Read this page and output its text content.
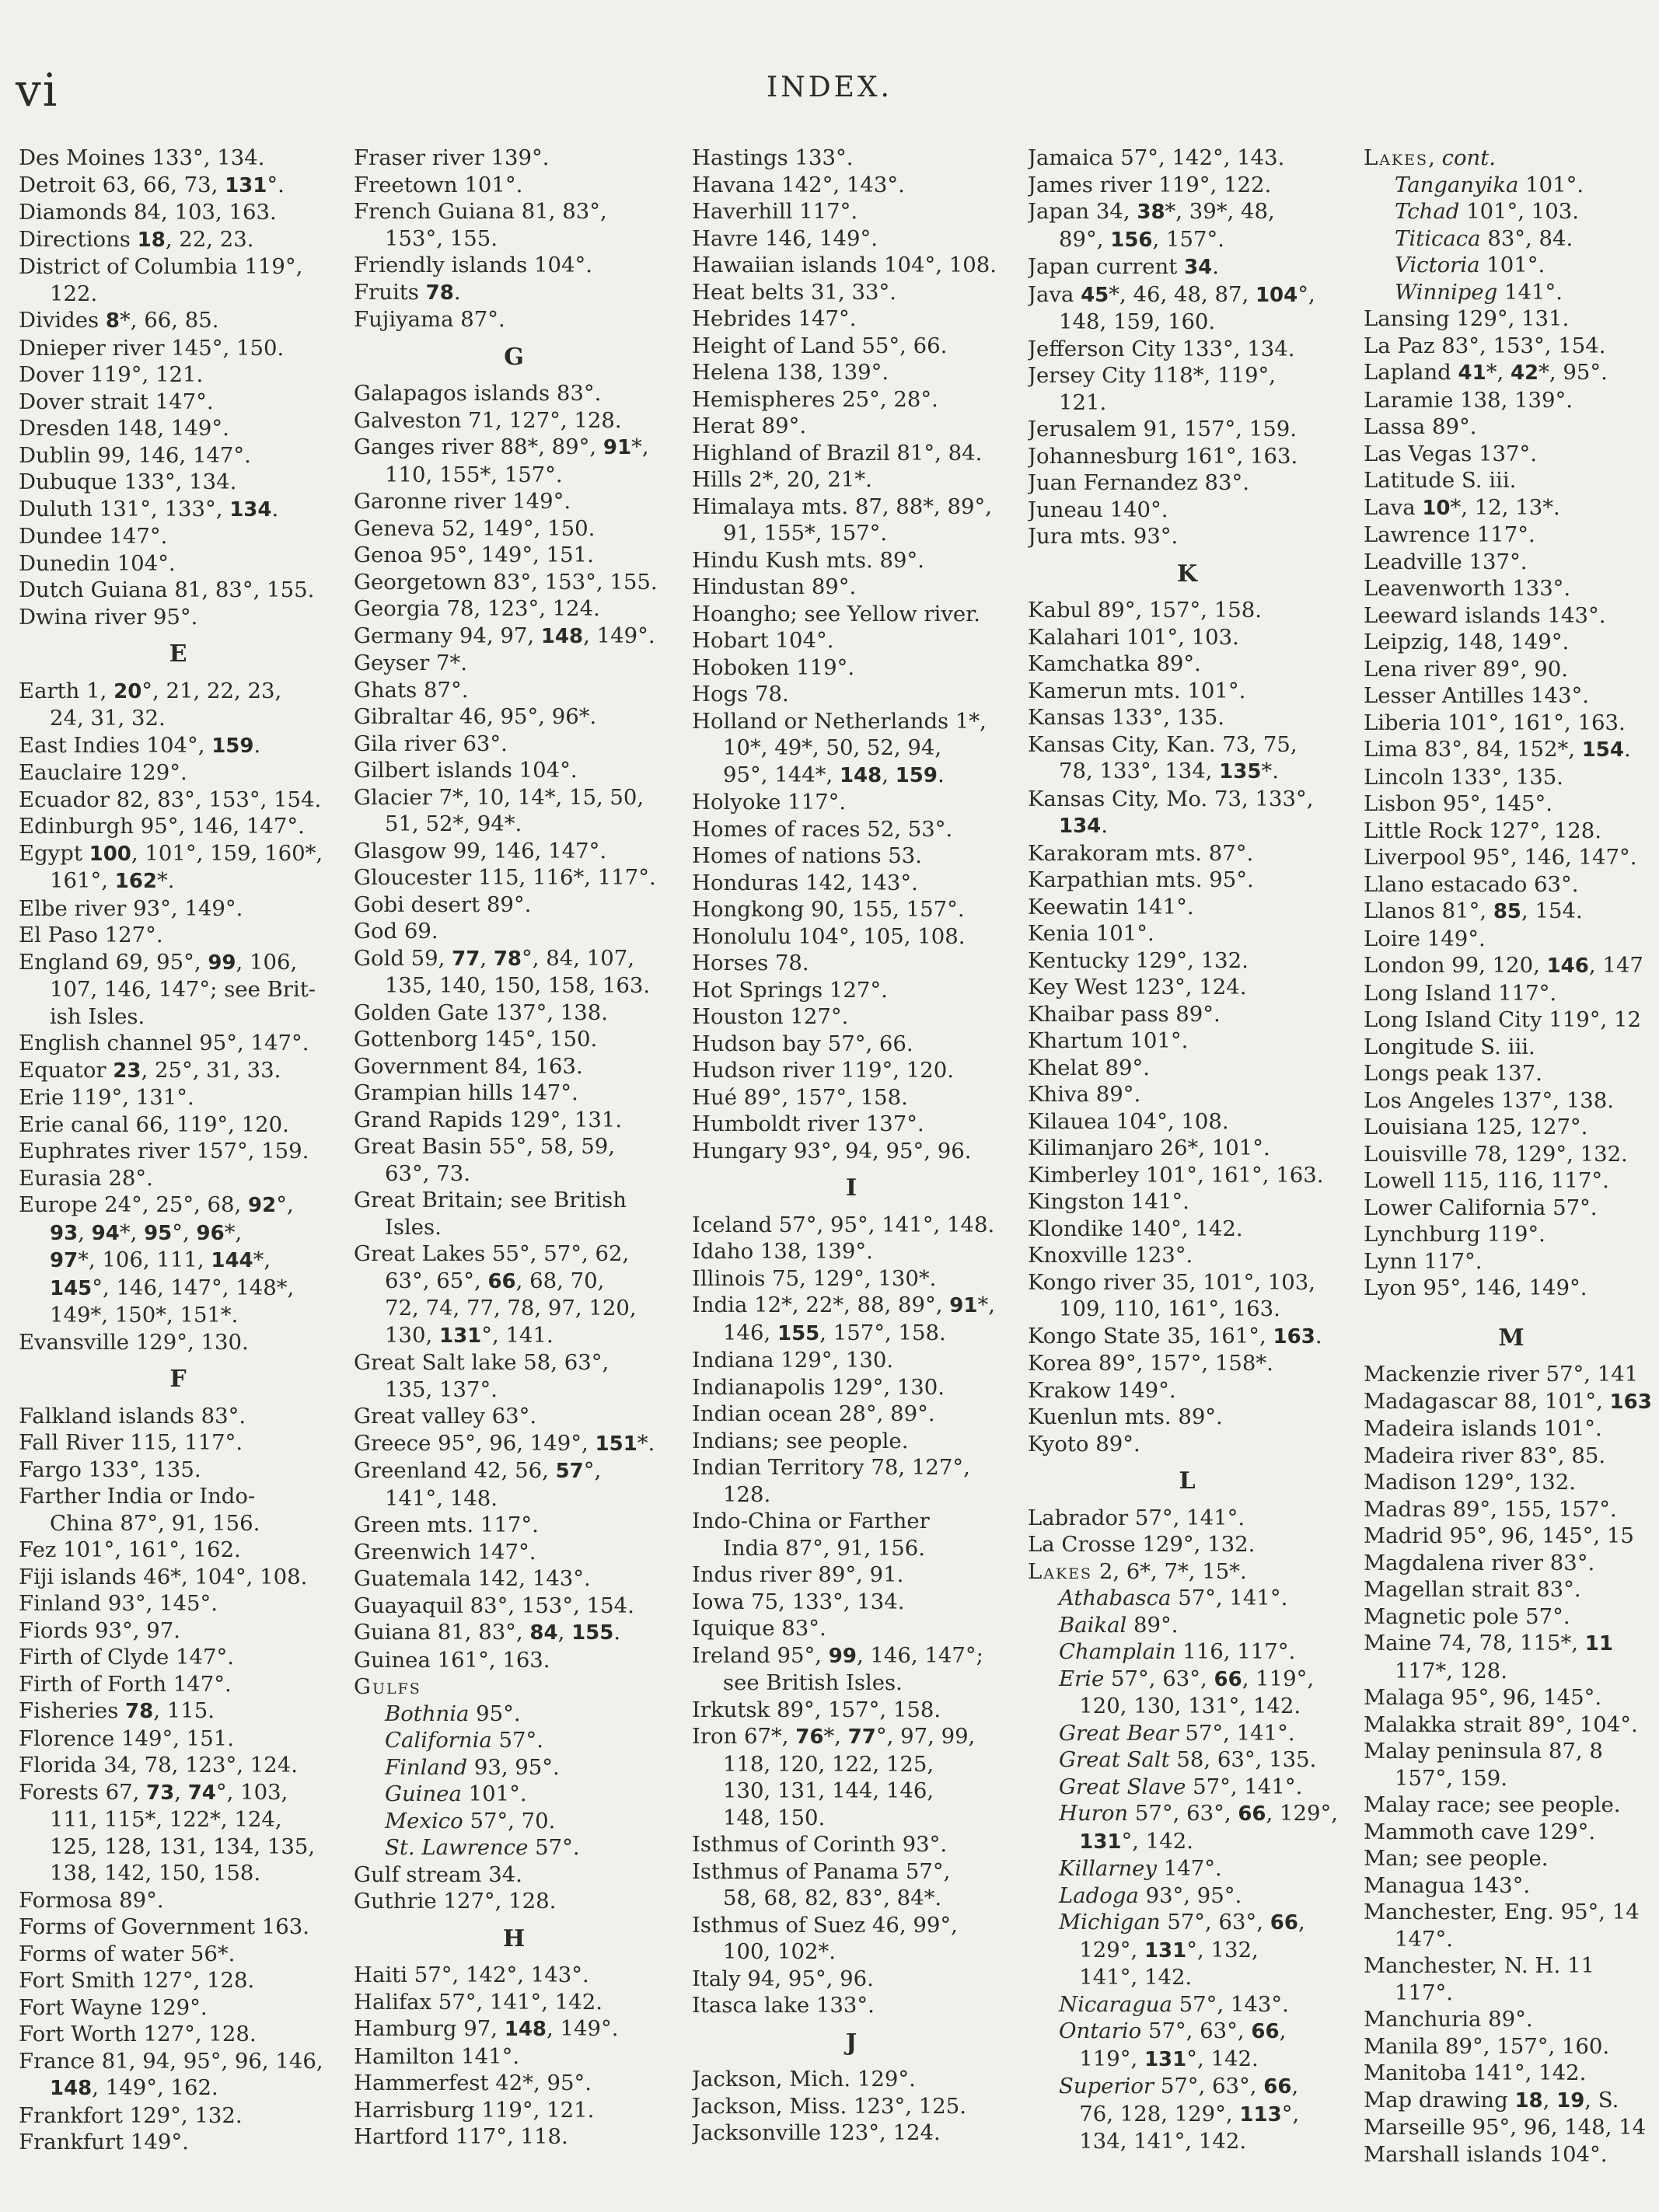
vi	INDEX.
Des Moines 133°, 134.
Detroit 63, 66, 73, 131°.
Diamonds 84, 103, 163.
Directions 18, 22, 23.
District of Columbia 119°,
122.
Divides 8*, 66, 85.
Dnieper river 145°, 150.
Dover 119°, 121.
Dover strait 147°.
Dresden 148, 149°.
Dublin 99, 146, 147°.
Dubuque 133°, 134.
Duluth 131°, 133°, 134.
Dundee 147°.
Dunedin 104°.
Dutch Guiana 81, 83°, 155.
Dwina river 95°.
E
Earth 1, 20°, 21, 22, 23,
24, 31, 32.
East Indies 104°, 159.
Eauclaire 129°.
Ecuador 82, 83°, 153°, 154.
Edinburgh 95°, 146, 147°.
Egypt 100, 101°, 159, 160*,
161°, 162*.
Elbe river 93°, 149°.
El Paso 127°.
England 69, 95°, 99, 106,
107, 146, 147°; see Brit-
ish Isles.
English channel 95°, 147°.
Equator 23, 25°, 31, 33.
Erie 119°, 131°.
Erie canal 66, 119°, 120.
Euphrates river 157°, 159.
Eurasia 28°.
Europe 24°, 25°, 68, 92°,
93, 94*, 95°, 96*,
97*, 106, 111, 144*,
145°, 146, 147°, 148*,
149*, 150*, 151*.
Evansville 129°, 130.
F
Falkland islands 83°.
Fall River 115, 117°.
Fargo 133°, 135.
Farther India or Indo-
China 87°, 91, 156.
Fez 101°, 161°, 162.
Fiji islands 46*, 104°, 108.
Finland 93°, 145°.
Fiords 93°, 97.
Firth of Clyde 147°.
Firth of Forth 147°.
Fisheries 78, 115.
Florence 149°, 151.
Florida 34, 78, 123°, 124.
Forests 67, 73, 74°, 103,
111, 115*, 122*, 124,
125, 128, 131, 134, 135,
138, 142, 150, 158.
Formosa 89°.
Forms of Government 163.
Forms of water 56*.
Fort Smith 127°, 128.
Fort Wayne 129°.
Fort Worth 127°, 128.
France 81, 94, 95°, 96, 146,
148, 149°, 162.
Frankfort 129°, 132.
Frankfurt 149°.
Fraser river 139°.
Freetown 101°.
French Guiana 81, 83°,
153°, 155.
Friendly islands 104°.
Fruits 78.
Fujiyama 87°.
G
Galapagos islands 83°.
Galveston 71, 127°, 128.
Ganges river 88*, 89°, 91*,
110, 155*, 157°.
Garonne river 149°.
Geneva 52, 149°, 150.
Genoa 95°, 149°, 151.
Georgetown 83°, 153°, 155.
Georgia 78, 123°, 124.
Germany 94, 97, 148, 149°.
Geyser 7*.
Ghats 87°.
Gibraltar 46, 95°, 96*.
Gila river 63°.
Gilbert islands 104°.
Glacier 7*, 10, 14*, 15, 50,
51, 52*, 94*.
Glasgow 99, 146, 147°.
Gloucester 115, 116*, 117°.
Gobi desert 89°.
God 69.
Gold 59, 77, 78°, 84, 107,
135, 140, 150, 158, 163.
Golden Gate 137°, 138.
Gottenborg 145°, 150.
Government 84, 163.
Grampian hills 147°.
Grand Rapids 129°, 131.
Great Basin 55°, 58, 59,
63°, 73.
Great Britain; see British
Isles.
Great Lakes 55°, 57°, 62,
63°, 65°, 66, 68, 70,
72, 74, 77, 78, 97, 120,
130, 131°, 141.
Great Salt lake 58, 63°,
135, 137°.
Great valley 63°.
Greece 95°, 96, 149°, 151*.
Greenland 42, 56, 57°,
141°, 148.
Green mts. 117°.
Greenwich 147°.
Guatemala 142, 143°.
Guayaquil 83°, 153°, 154.
Guiana 81, 83°, 84, 155.
Guinea 161°, 163.
Gulfs
Bothnia 95°.
California 57°.
Finland 93, 95°.
Guinea 101°.
Mexico 57°, 70.
St. Lawrence 57°.
Gulf stream 34.
Guthrie 127°, 128.
H
Haiti 57°, 142°, 143°.
Halifax 57°, 141°, 142.
Hamburg 97, 148, 149°.
Hamilton 141°.
Hammerfest 42*, 95°.
Harrisburg 119°, 121.
Hartford 117°, 118.
Hastings 133°.
Havana 142°, 143°.
Haverhill 117°.
Havre 146, 149°.
Hawaiian islands 104°, 108.
Heat belts 31, 33°.
Hebrides 147°.
Height of Land 55°, 66.
Helena 138, 139°.
Hemispheres 25°, 28°.
Herat 89°.
Highland of Brazil 81°, 84.
Hills 2*, 20, 21*.
Himalaya mts. 87, 88*, 89°,
91, 155*, 157°.
Hindu Kush mts. 89°.
Hindustan 89°.
Hoangho; see Yellow river.
Hobart 104°.
Hoboken 119°.
Hogs 78.
Holland or Netherlands 1*,
10*, 49*, 50, 52, 94,
95°, 144*, 148, 159.
Holyoke 117°.
Homes of races 52, 53°.
Homes of nations 53.
Honduras 142, 143°.
Hongkong 90, 155, 157°.
Honolulu 104°, 105, 108.
Horses 78.
Hot Springs 127°.
Houston 127°.
Hudson bay 57°, 66.
Hudson river 119°, 120.
Hué 89°, 157°, 158.
Humboldt river 137°.
Hungary 93°, 94, 95°, 96.
I
Iceland 57°, 95°, 141°, 148.
Idaho 138, 139°.
Illinois 75, 129°, 130*.
India 12*, 22*, 88, 89°, 91*,
146, 155, 157°, 158.
Indiana 129°, 130.
Indianapolis 129°, 130.
Indian ocean 28°, 89°.
Indians; see people.
Indian Territory 78, 127°,
128.
Indo-China or Farther
India 87°, 91, 156.
Indus river 89°, 91.
Iowa 75, 133°, 134.
Iquique 83°.
Ireland 95°, 99, 146, 147°;
see British Isles.
Irkutsk 89°, 157°, 158.
Iron 67*, 76*, 77°, 97, 99,
118, 120, 122, 125,
130, 131, 144, 146,
148, 150.
Isthmus of Corinth 93°.
Isthmus of Panama 57°,
58, 68, 82, 83°, 84*.
Isthmus of Suez 46, 99°,
100, 102*.
Italy 94, 95°, 96.
Itasca lake 133°.
J
Jackson, Mich. 129°.
Jackson, Miss. 123°, 125.
Jacksonville 123°, 124.
Jamaica 57°, 142°, 143.
James river 119°, 122.
Japan 34, 38*, 39*, 48,
89°, 156, 157°.
Japan current 34.
Java 45*, 46, 48, 87, 104°,
148, 159, 160.
Jefferson City 133°, 134.
Jersey City 118*, 119°,
121.
Jerusalem 91, 157°, 159.
Johannesburg 161°, 163.
Juan Fernandez 83°.
Juneau 140°.
Jura mts. 93°.
K
Kabul 89°, 157°, 158.
Kalahari 101°, 103.
Kamchatka 89°.
Kamerun mts. 101°.
Kansas 133°, 135.
Kansas City, Kan. 73, 75,
78, 133°, 134, 135*.
Kansas City, Mo. 73, 133°,
134.
Karakoram mts. 87°.
Karpathian mts. 95°.
Keewatin 141°.
Kenia 101°.
Kentucky 129°, 132.
Key West 123°, 124.
Khaibar pass 89°.
Khartum 101°.
Khelat 89°.
Khiva 89°.
Kilauea 104°, 108.
Kilimanjaro 26*, 101°.
Kimberley 101°, 161°, 163.
Kingston 141°.
Klondike 140°, 142.
Knoxville 123°.
Kongo river 35, 101°, 103,
109, 110, 161°, 163.
Kongo State 35, 161°, 163.
Korea 89°, 157°, 158*.
Krakow 149°.
Kuenlun mts. 89°.
Kyoto 89°.
L
Labrador 57°, 141°.
La Crosse 129°, 132.
Lakes 2, 6*, 7*, 15*.
Athabasca 57°, 141°.
Baikal 89°.
Champlain 116, 117°.
Erie 57°, 63°, 66, 119°,
120, 130, 131°, 142.
Great Bear 57°, 141°.
Great Salt 58, 63°, 135.
Great Slave 57°, 141°.
Huron 57°, 63°, 66, 129°,
131°, 142.
Killarney 147°.
Ladoga 93°, 95°.
Michigan 57°, 63°, 66,
129°, 131°, 132,
141°, 142.
Nicaragua 57°, 143°.
Ontario 57°, 63°, 66,
119°, 131°, 142.
Superior 57°, 63°, 66,
76, 128, 129°, 113°,
134, 141°, 142.
Lakes, cont.
Tanganyika 101°.
Tchad 101°, 103.
Titicaca 83°, 84.
Victoria 101°.
Winnipeg 141°.
Lansing 129°, 131.
La Paz 83°, 153°, 154.
Lapland 41*, 42*, 95°.
Laramie 138, 139°.
Lassa 89°.
Las Vegas 137°.
Latitude S. iii.
Lava 10*, 12, 13*.
Lawrence 117°.
Leadville 137°.
Leavenworth 133°.
Leeward islands 143°.
Leipzig, 148, 149°.
Lena river 89°, 90.
Lesser Antilles 143°.
Liberia 101°, 161°, 163.
Lima 83°, 84, 152*, 154.
Lincoln 133°, 135.
Lisbon 95°, 145°.
Little Rock 127°, 128.
Liverpool 95°, 146, 147°.
Llano estacado 63°.
Llanos 81°, 85, 154.
Loire 149°.
London 99, 120, 146, 147
Long Island 117°.
Long Island City 119°, 12
Longitude S. iii.
Longs peak 137.
Los Angeles 137°, 138.
Louisiana 125, 127°.
Louisville 78, 129°, 132.
Lowell 115, 116, 117°.
Lower California 57°.
Lynchburg 119°.
Lynn 117°.
Lyon 95°, 146, 149°.
M
Mackenzie river 57°, 141
Madagascar 88, 101°, 163
Madeira islands 101°.
Madeira river 83°, 85.
Madison 129°, 132.
Madras 89°, 155, 157°.
Madrid 95°, 96, 145°, 15
Magdalena river 83°.
Magellan strait 83°.
Magnetic pole 57°.
Maine 74, 78, 115*, 11
117*, 128.
Malaga 95°, 96, 145°.
Malakka strait 89°, 104°.
Malay peninsula 87, 8
157°, 159.
Malay race; see people.
Mammoth cave 129°.
Man; see people.
Managua 143°.
Manchester, Eng. 95°, 14
147°.
Manchester, N. H. 11
117°.
Manchuria 89°.
Manila 89°, 157°, 160.
Manitoba 141°, 142.
Map drawing 18, 19, S.
Marseille 95°, 96, 148, 14
Marshall islands 104°.
